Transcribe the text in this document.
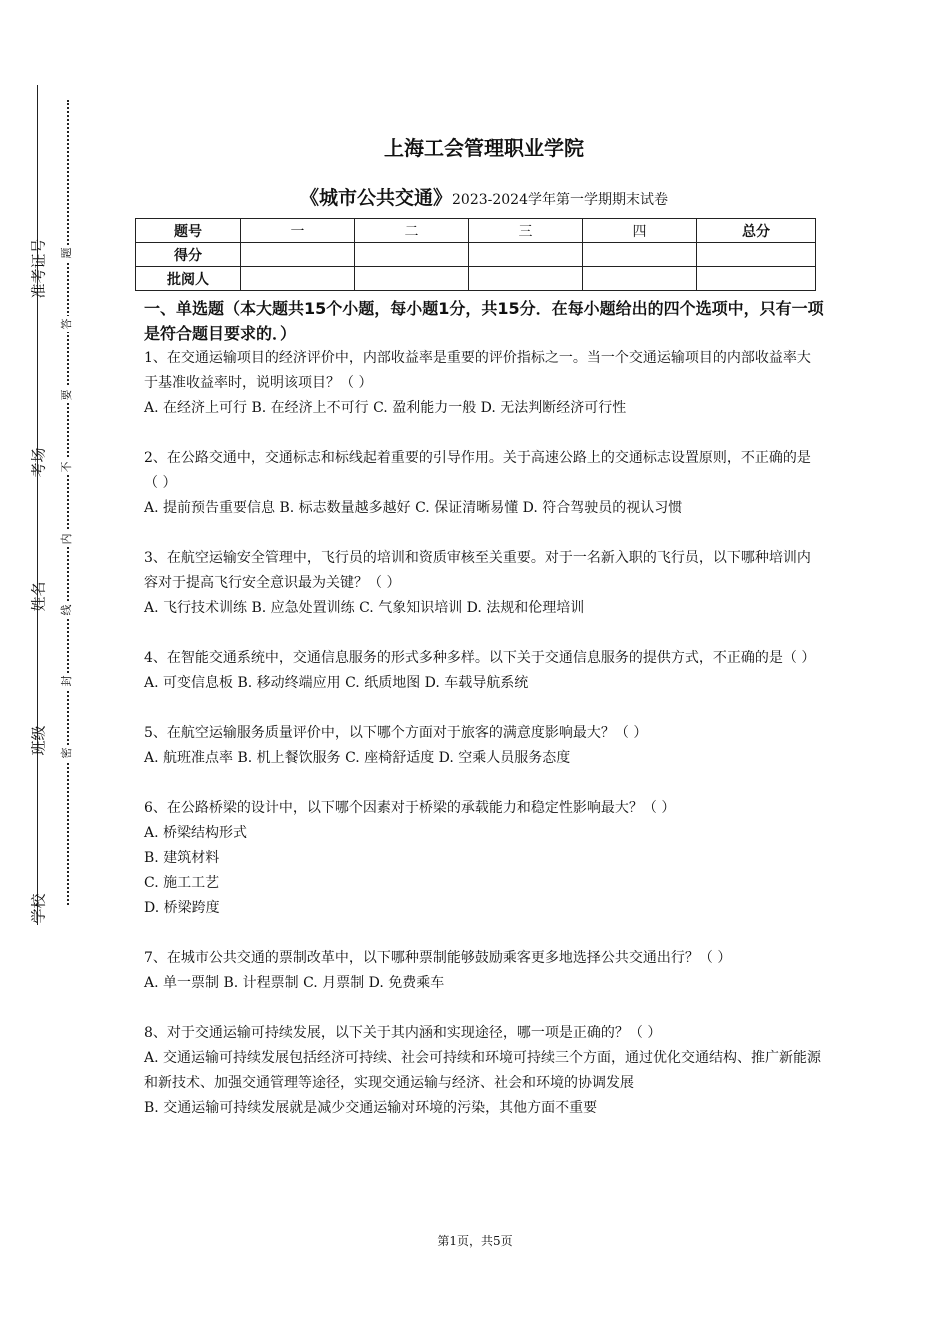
准考证号
考场
姓名
班级
学校
题
答
要
不
内
线
封
密
上海工会管理职业学院
《城市公共交通》2023-2024学年第一学期期末试卷
题号	一	二	三	四	总分
得分					
批阅人					
一、单选题（本大题共15个小题，每小题1分，共15分．在每小题给出的四个选项中，只有一项是符合题目要求的．）
1、在交通运输项目的经济评价中，内部收益率是重要的评价指标之一。当一个交通运输项目的内部收益率大于基准收益率时，说明该项目？（ ）
A. 在经济上可行 B. 在经济上不可行 C. 盈利能力一般 D. 无法判断经济可行性
2、在公路交通中，交通标志和标线起着重要的引导作用。关于高速公路上的交通标志设置原则，不正确的是（ ）
A. 提前预告重要信息 B. 标志数量越多越好 C. 保证清晰易懂 D. 符合驾驶员的视认习惯
3、在航空运输安全管理中，飞行员的培训和资质审核至关重要。对于一名新入职的飞行员，以下哪种培训内容对于提高飞行安全意识最为关键？（ ）
A. 飞行技术训练 B. 应急处置训练 C. 气象知识培训 D. 法规和伦理培训
4、在智能交通系统中，交通信息服务的形式多种多样。以下关于交通信息服务的提供方式，不正确的是（ ）
A. 可变信息板 B. 移动终端应用 C. 纸质地图 D. 车载导航系统
5、在航空运输服务质量评价中，以下哪个方面对于旅客的满意度影响最大？（ ）
A. 航班准点率 B. 机上餐饮服务 C. 座椅舒适度 D. 空乘人员服务态度
6、在公路桥梁的设计中，以下哪个因素对于桥梁的承载能力和稳定性影响最大？（ ）
A. 桥梁结构形式
B. 建筑材料
C. 施工工艺
D. 桥梁跨度
7、在城市公共交通的票制改革中，以下哪种票制能够鼓励乘客更多地选择公共交通出行？（ ）
A. 单一票制 B. 计程票制 C. 月票制 D. 免费乘车
8、对于交通运输可持续发展，以下关于其内涵和实现途径，哪一项是正确的？（ ）
A. 交通运输可持续发展包括经济可持续、社会可持续和环境可持续三个方面，通过优化交通结构、推广新能源和新技术、加强交通管理等途径，实现交通运输与经济、社会和环境的协调发展
B. 交通运输可持续发展就是减少交通运输对环境的污染，其他方面不重要
第1页，共5页
